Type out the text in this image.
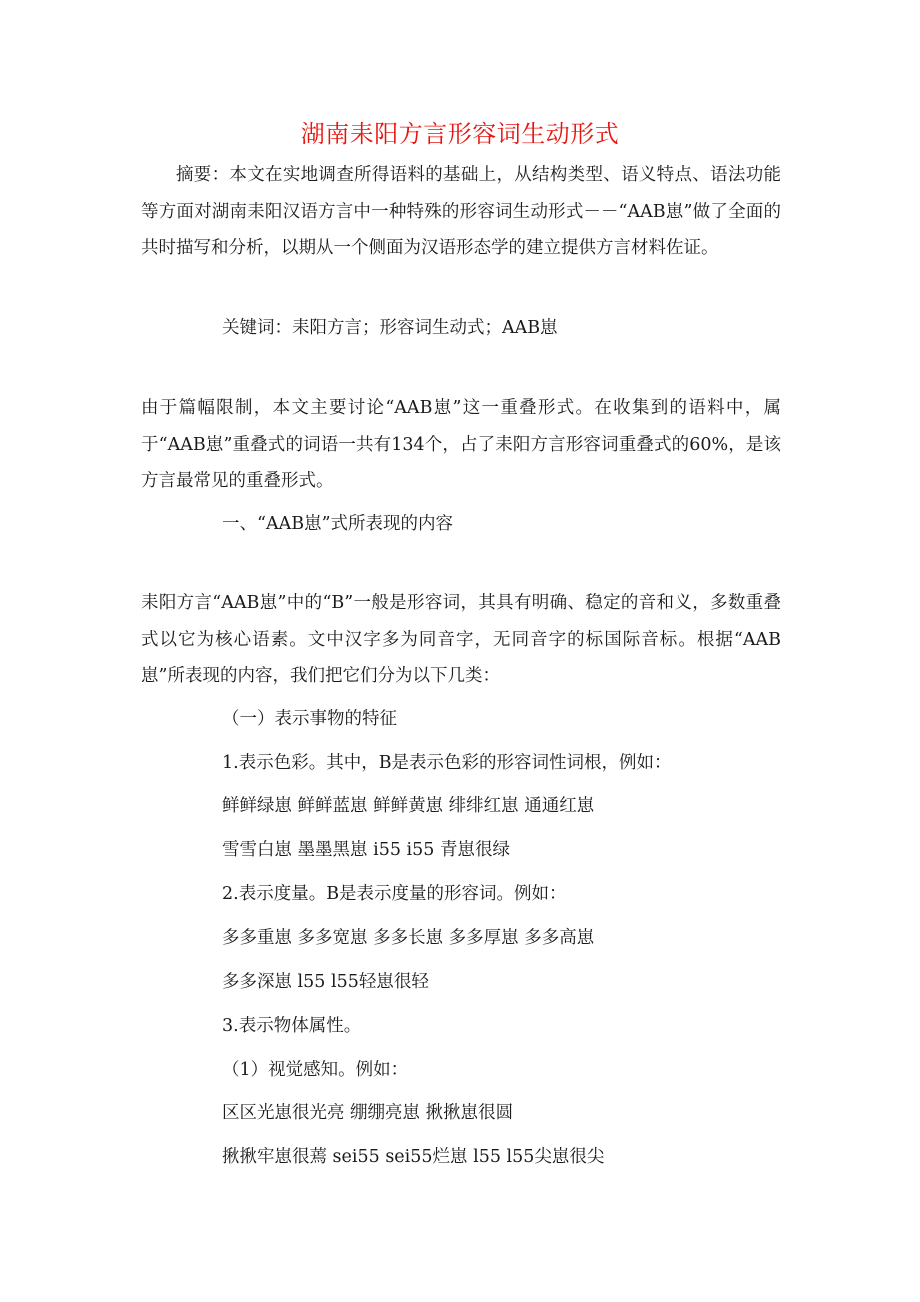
湖南耒阳方言形容词生动形式
摘要：本文在实地调查所得语料的基础上，从结构类型、语义特点、语法功能等方面对湖南耒阳汉语方言中一种特殊的形容词生动形式－－“AAB崽”做了全面的共时描写和分析，以期从一个侧面为汉语形态学的建立提供方言材料佐证。
关键词：耒阳方言；形容词生动式；AAB崽
由于篇幅限制，本文主要讨论“AAB崽”这一重叠形式。在收集到的语料中，属于“AAB崽”重叠式的词语一共有134个，占了耒阳方言形容词重叠式的60%，是该方言最常见的重叠形式。
一、“AAB崽”式所表现的内容
耒阳方言“AAB崽”中的“B”一般是形容词，其具有明确、稳定的音和义，多数重叠式以它为核心语素。文中汉字多为同音字，无同音字的标国际音标。根据“AAB崽”所表现的内容，我们把它们分为以下几类：
（一）表示事物的特征
1.表示色彩。其中，B是表示色彩的形容词性词根，例如：
鲜鲜绿崽 鲜鲜蓝崽 鲜鲜黄崽 绯绯红崽 通通红崽
雪雪白崽 墨墨黑崽 i55 i55 青崽很绿
2.表示度量。B是表示度量的形容词。例如：
多多重崽 多多宽崽 多多长崽 多多厚崽 多多高崽
多多深崽 l55 l55轻崽很轻
3.表示物体属性。
（1）视觉感知。例如：
区区光崽很光亮 绷绷亮崽 揪揪崽很圆
揪揪牢崽很蔫 sei55 sei55烂崽 l55 l55尖崽很尖
